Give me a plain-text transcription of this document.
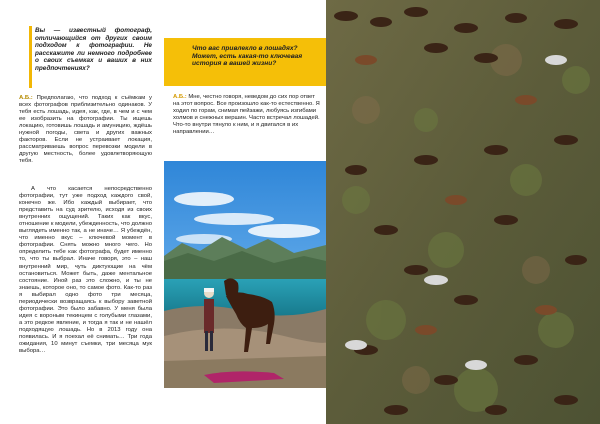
Вы — известный фотограф, отличающийся от других своим подходом к фотографии. Не расскажите ли немного подробнее о своих съемках и ваших в них предпочтениях?
А.Б.: Предполагаю, что подход к съёмкам у всех фотографов приблизительно одинаков. У тебя есть лошадь, идея, как, где, в чем и с чем ее изобразить на фотографии. Ты ищешь локацию, готовишь лошадь и амуницию, ждёшь нужной погоды, света и других важных факторов. Если не устраивает локация, рассматриваешь вопрос перевозки модели в другую местность, более удовлетворяющую тебя.
А что касается непосредственно фотографии, тут уже подход каждого свой, конечно же. Ибо каждый выбирает, что представить на суд зрителю, исходя из своих внутренних ощущений. Таких как вкус, отношение к модели, убежденность, что должно выглядеть именно так, а не иначе… Я убеждён, что именно вкус – ключевой момент в фотографии. Снять можно много чего. Но определить тебе как фотографа, будет именно то, что ты выбрал. Иначе говоря, это – наш внутренний мир, чуть диктующие на чём остановиться. Может быть, даже ментальное состояние. Иной раз это сложно, и ты не знаешь, которое оно, то самое фото. Как-то раз я выбирал одно фото три месяца, периодически возвращаясь к выбору заветной фотографии. Это было забавно. У меня была идея с вороным текинцем с голубыми глазами, а это редкое явление, и тогда я так и не нашёл подходящую лошадь. Но в 2013 году она появилась. И я поехал её снимать… Три года ожидания, 10 минут съемки, три месяца мук выбора…
Что вас привлекло в лошадях? Может, есть какая-то ключевая история в вашей жизни?
А.Б.: Мне, честно говоря, неведом до сих пор ответ на этот вопрос. Все произошло как-то естественно. Я ходил по горам, снимая пейзажи, любуясь изгибами холмов и снежных вершин. Часто встречал лошадей. Что-то внутри тянуло к ним, и я двигался в их направлении…
